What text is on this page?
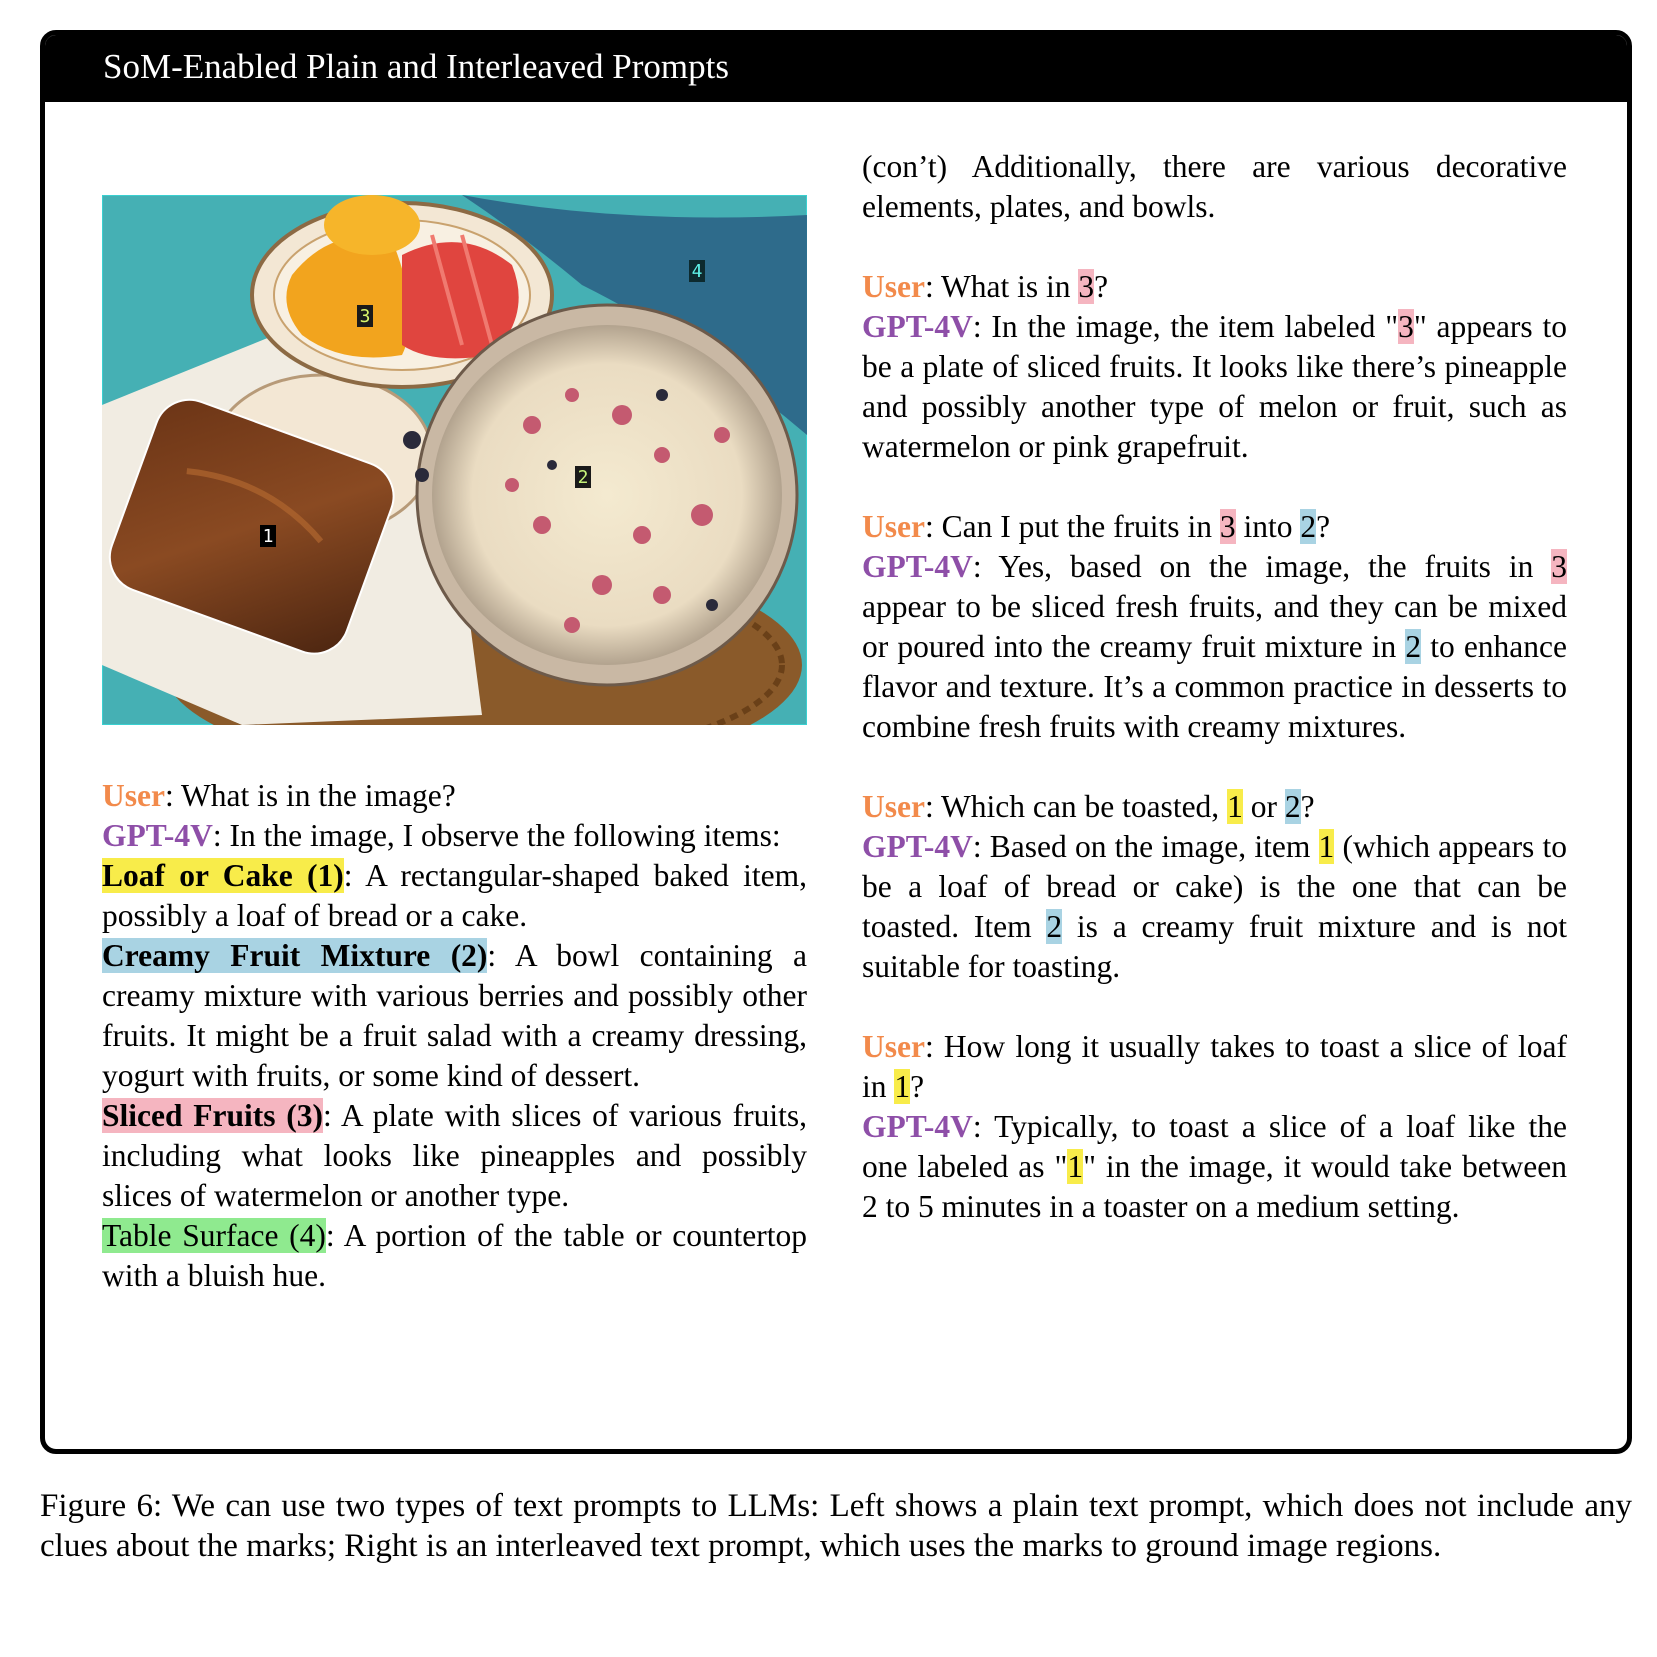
SoM-Enabled Plain and Interleaved Prompts
1
2
3
4

User: What is in the image?

GPT-4V: In the image, I observe the following items:

Loaf or Cake (1): A rectangular-shaped baked item, possibly a loaf of bread or a cake.

Creamy Fruit Mixture (2): A bowl containing a creamy mixture with various berries and possibly other fruits. It might be a fruit salad with a creamy dressing, yogurt with fruits, or some kind of dessert.

Sliced Fruits (3): A plate with slices of various fruits, including what looks like pineapples and possibly slices of watermelon or another type.

Table Surface (4): A portion of the table or countertop with a bluish hue.

(con’t) Additionally, there are various decorative elements, plates, and bowls.

User: What is in 3?

GPT-4V: In the image, the item labeled "3" appears to be a plate of sliced fruits. It looks like there’s pineapple and possibly another type of melon or fruit, such as watermelon or pink grapefruit.

User: Can I put the fruits in 3 into 2?

GPT-4V: Yes, based on the image, the fruits in 3 appear to be sliced fresh fruits, and they can be mixed or poured into the creamy fruit mixture in 2 to enhance flavor and texture. It’s a common practice in desserts to combine fresh fruits with creamy mixtures.

User: Which can be toasted, 1 or 2?

GPT-4V: Based on the image, item 1 (which appears to be a loaf of bread or cake) is the one that can be toasted. Item 2 is a creamy fruit mixture and is not suitable for toasting.

User: How long it usually takes to toast a slice of loaf in 1?

GPT-4V: Typically, to toast a slice of a loaf like the one labeled as "1" in the image, it would take between 2 to 5 minutes in a toaster on a medium setting.

Figure 6: We can use two types of text prompts to LLMs: Left shows a plain text prompt, which does not include any clues about the marks; Right is an interleaved text prompt, which uses the marks to ground image regions.
